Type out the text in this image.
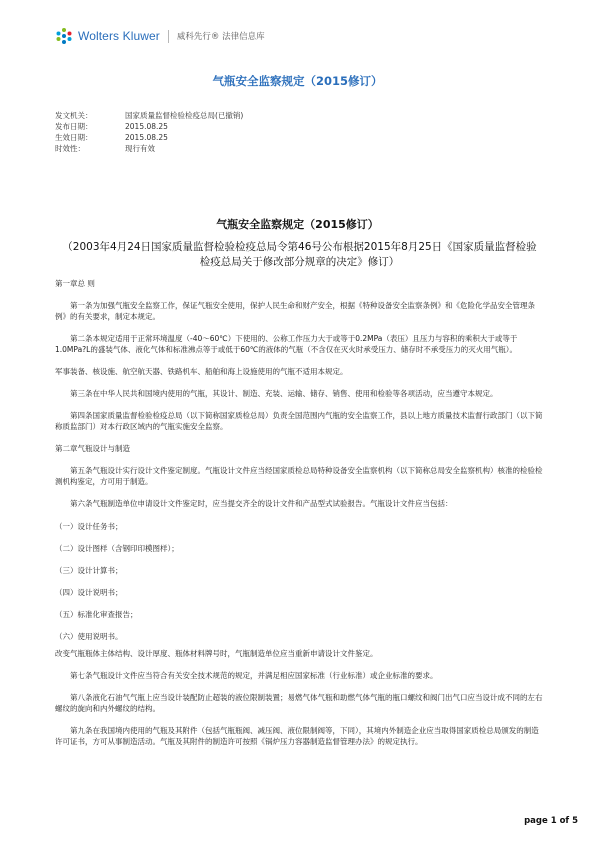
Wolters Kluwer 威科先行® 法律信息库
气瓶安全监察规定（2015修订）
发文机关：	国家质量监督检验检疫总局(已撤销)
发布日期：	2015.08.25
生效日期：	2015.08.25
时效性：	现行有效
气瓶安全监察规定（2015修订）
（2003年4月24日国家质量监督检验检疫总局令第46号公布根据2015年8月25日《国家质量监督检验检疫总局关于修改部分规章的决定》修订）

第一章总 则

第一条为加强气瓶安全监察工作，保证气瓶安全使用，保护人民生命和财产安全，根据《特种设备安全监察条例》和《危险化学品安全管理条例》的有关要求，制定本规定。

第二条本规定适用于正常环境温度（-40～60℃）下使用的、公称工作压力大于或等于0.2MPa（表压）且压力与容积的乘积大于或等于1.0MPa?L的盛装气体、液化气体和标准沸点等于或低于60℃的液体的气瓶（不含仅在灭火时承受压力、储存时不承受压力的灭火用气瓶）。

军事装备、核设施、航空航天器、铁路机车、船舶和海上设施使用的气瓶不适用本规定。

第三条在中华人民共和国境内使用的气瓶，其设计、制造、充装、运输、储存、销售、使用和检验等各项活动，应当遵守本规定。

第四条国家质量监督检验检疫总局（以下简称国家质检总局）负责全国范围内气瓶的安全监察工作，县以上地方质量技术监督行政部门（以下简称质监部门）对本行政区域内的气瓶实施安全监察。

第二章气瓶设计与制造

第五条气瓶设计实行设计文件鉴定制度。气瓶设计文件应当经国家质检总局特种设备安全监察机构（以下简称总局安全监察机构）核准的检验检测机构鉴定，方可用于制造。

第六条气瓶制造单位申请设计文件鉴定时，应当提交齐全的设计文件和产品型式试验报告。气瓶设计文件应当包括：

（一）设计任务书；
（二）设计图样（含钢印印模图样）；
（三）设计计算书；
（四）设计说明书；
（五）标准化审查报告；
（六）使用说明书。

改变气瓶瓶体主体结构、设计厚度、瓶体材料牌号时，气瓶制造单位应当重新申请设计文件鉴定。

第七条气瓶设计文件应当符合有关安全技术规范的规定，并满足相应国家标准（行业标准）或企业标准的要求。

第八条液化石油气气瓶上应当设计装配防止超装的液位限制装置；易燃气体气瓶和助燃气体气瓶的瓶口螺纹和阀门出气口应当设计成不同的左右螺纹的旋向和内外螺纹的结构。

第九条在我国境内使用的气瓶及其附件（包括气瓶瓶阀、减压阀、液位限制阀等，下同），其境内外制造企业应当取得国家质检总局颁发的制造许可证书，方可从事制造活动。气瓶及其附件的制造许可按照《锅炉压力容器制造监督管理办法》的规定执行。

page 1 of 5
